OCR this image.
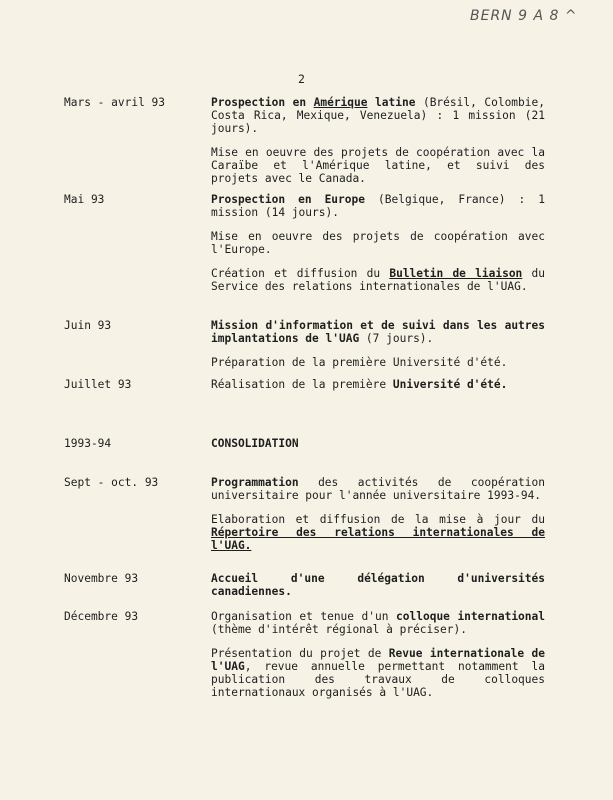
BERN 9 A 8 ^
2
Mars - avril 93	Prospection en Amérique latine (Brésil, Colombie, Costa Rica, Mexique, Venezuela) : 1 mission (21 jours).

Mise en oeuvre des projets de coopération avec la Caraïbe et l'Amérique latine, et suivi des projets avec le Canada.

Mai 93	Prospection en Europe (Belgique, France) : 1 mission (14 jours).

Mise en oeuvre des projets de coopération avec l'Europe.

Création et diffusion du Bulletin de liaison du Service des relations internationales de l'UAG.

Juin 93	Mission d'information et de suivi dans les autres implantations de l'UAG (7 jours).

Préparation de la première Université d'été.

Juillet 93	Réalisation de la première Université d'été.

1993-94	CONSOLIDATION

Sept - oct. 93	Programmation des activités de coopération universitaire pour l'année universitaire 1993-94.

Elaboration et diffusion de la mise à jour du Répertoire des relations internationales de l'UAG.

Novembre 93	Accueil d'une délégation d'universités canadiennes.

Décembre 93	Organisation et tenue d'un colloque international (thème d'intérêt régional à préciser).

Présentation du projet de Revue internationale de l'UAG, revue annuelle permettant notamment la publication des travaux de colloques internationaux organisés à l'UAG.
